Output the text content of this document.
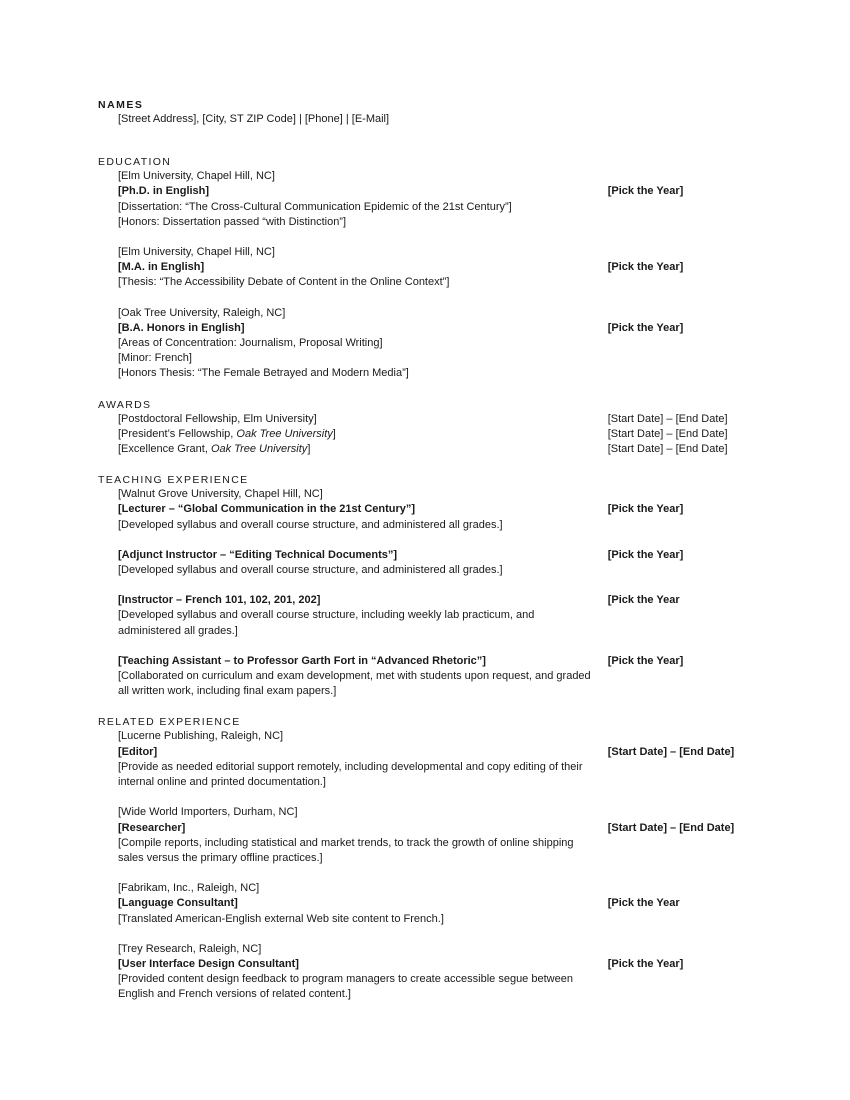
NAMES
[Street Address], [City, ST ZIP Code] | [Phone] | [E-Mail]
EDUCATION
[Elm University, Chapel Hill, NC]
[Ph.D. in English]	[Pick the Year]
[Dissertation: “The Cross-Cultural Communication Epidemic of the 21st Century”]
[Honors: Dissertation passed “with Distinction”]
[Elm University, Chapel Hill, NC]
[M.A. in English]	[Pick the Year]
[Thesis: “The Accessibility Debate of Content in the Online Context”]
[Oak Tree University, Raleigh, NC]
[B.A. Honors in English]	[Pick the Year]
[Areas of Concentration: Journalism, Proposal Writing]
[Minor: French]
[Honors Thesis: “The Female Betrayed and Modern Media”]
AWARDS
[Postdoctoral Fellowship, Elm University]	[Start Date] – [End Date]
[President’s Fellowship, Oak Tree University]	[Start Date] – [End Date]
[Excellence Grant, Oak Tree University]	[Start Date] – [End Date]
TEACHING EXPERIENCE
[Walnut Grove University, Chapel Hill, NC]
[Lecturer – “Global Communication in the 21st Century”]	[Pick the Year]
[Developed syllabus and overall course structure, and administered all grades.]
[Adjunct Instructor – “Editing Technical Documents”]	[Pick the Year]
[Developed syllabus and overall course structure, and administered all grades.]
[Instructor – French 101, 102, 201, 202]	[Pick the Year
[Developed syllabus and overall course structure, including weekly lab practicum, and administered all grades.]
[Teaching Assistant – to Professor Garth Fort in “Advanced Rhetoric”]	[Pick the Year]
[Collaborated on curriculum and exam development, met with students upon request, and graded all written work, including final exam papers.]
RELATED EXPERIENCE
[Lucerne Publishing, Raleigh, NC]
[Editor]	[Start Date] – [End Date]
[Provide as needed editorial support remotely, including developmental and copy editing of their internal online and printed documentation.]
[Wide World Importers, Durham, NC]
[Researcher]	[Start Date] – [End Date]
[Compile reports, including statistical and market trends, to track the growth of online shipping sales versus the primary offline practices.]
[Fabrikam, Inc., Raleigh, NC]
[Language Consultant]	[Pick the Year
[Translated American-English external Web site content to French.]
[Trey Research, Raleigh, NC]
[User Interface Design Consultant]	[Pick the Year]
[Provided content design feedback to program managers to create accessible segue between English and French versions of related content.]
